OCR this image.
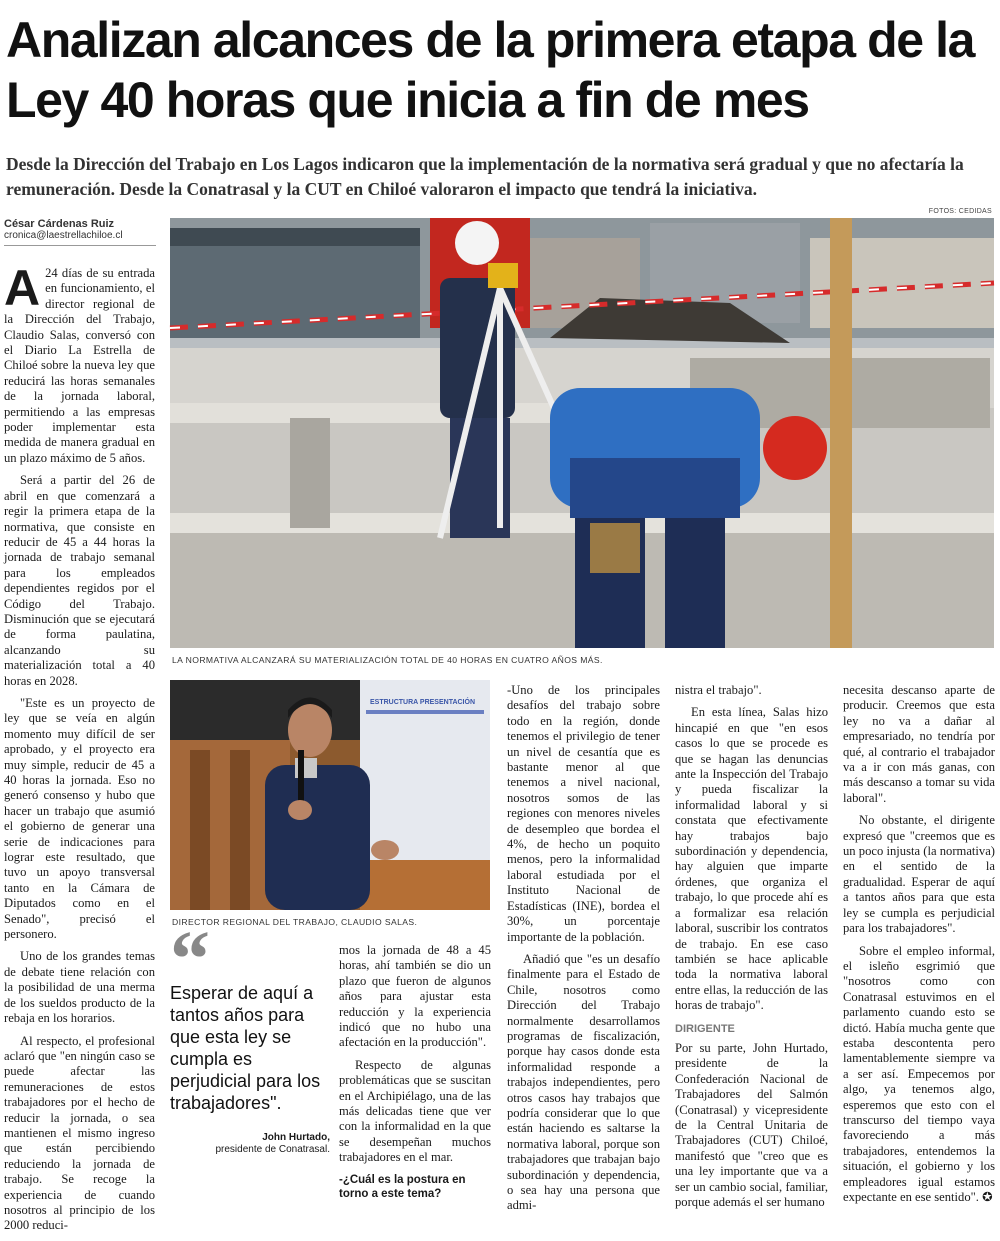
Analizan alcances de la primera etapa de la Ley 40 horas que inicia a fin de mes
Desde la Dirección del Trabajo en Los Lagos indicaron que la implementación de la normativa será gradual y que no afectaría la remuneración. Desde la Conatrasal y la CUT en Chiloé valoraron el impacto que tendrá la iniciativa.
César Cárdenas Ruiz
cronica@laestrellachiloe.cl
FOTOS: CEDIDAS
LA NORMATIVA ALCANZARÁ SU MATERIALIZACIÓN TOTAL DE 40 HORAS EN CUATRO AÑOS MÁS.
ESTRUCTURA PRESENTACIÓN
DIRECTOR REGIONAL DEL TRABAJO, CLAUDIO SALAS.

A 24 días de su entrada en funcionamiento, el director regional de la Dirección del Trabajo, Claudio Salas, conversó con el Diario La Estrella de Chiloé sobre la nueva ley que reducirá las horas semanales de la jornada laboral, permitiendo a las empresas poder implementar esta medida de manera gradual en un plazo máximo de 5 años.

Será a partir del 26 de abril en que comenzará a regir la primera etapa de la normativa, que consiste en reducir de 45 a 44 horas la jornada de trabajo semanal para los empleados dependientes regidos por el Código del Trabajo. Disminución que se ejecutará de forma paulatina, alcanzando su materialización total a 40 horas en 2028.

"Este es un proyecto de ley que se veía en algún momento muy difícil de ser aprobado, y el proyecto era muy simple, reducir de 45 a 40 horas la jornada. Eso no generó consenso y hubo que hacer un trabajo que asumió el gobierno de generar una serie de indicaciones para lograr este resultado, que tuvo un apoyo transversal tanto en la Cámara de Diputados como en el Senado", precisó el personero.

Uno de los grandes temas de debate tiene relación con la posibilidad de una merma de los sueldos producto de la rebaja en los horarios.

Al respecto, el profesional aclaró que "en ningún caso se puede afectar las remuneraciones de estos trabajadores por el hecho de reducir la jornada, o sea mantienen el mismo ingreso que están percibiendo reduciendo la jornada de trabajo. Se recoge la experiencia de cuando nosotros al principio de los 2000 reduci-

“
Esperar de aquí a tantos años para que esta ley se cumpla es perjudicial para los trabajadores".
John Hurtado,
presidente de Conatrasal.

mos la jornada de 48 a 45 horas, ahí también se dio un plazo que fueron de algunos años para ajustar esta reducción y la experiencia indicó que no hubo una afectación en la producción".

Respecto de algunas problemáticas que se suscitan en el Archipiélago, una de las más delicadas tiene que ver con la informalidad en la que se desempeñan muchos trabajadores en el mar.

-¿Cuál es la postura en torno a este tema?

-Uno de los principales desafíos del trabajo sobre todo en la región, donde tenemos el privilegio de tener un nivel de cesantía que es bastante menor al que tenemos a nivel nacional, nosotros somos de las regiones con menores niveles de desempleo que bordea el 4%, de hecho un poquito menos, pero la informalidad laboral estudiada por el Instituto Nacional de Estadísticas (INE), bordea el 30%, un porcentaje importante de la población.

Añadió que "es un desafío finalmente para el Estado de Chile, nosotros como Dirección del Trabajo normalmente desarrollamos programas de fiscalización, porque hay casos donde esta informalidad responde a trabajos independientes, pero otros casos hay trabajos que podría considerar que lo que están haciendo es saltarse la normativa laboral, porque son trabajadores que trabajan bajo subordinación y dependencia, o sea hay una persona que admi-

nistra el trabajo".

En esta línea, Salas hizo hincapié en que "en esos casos lo que se procede es que se hagan las denuncias ante la Inspección del Trabajo y pueda fiscalizar la informalidad laboral y si constata que efectivamente hay trabajos bajo subordinación y dependencia, hay alguien que imparte órdenes, que organiza el trabajo, lo que procede ahí es a formalizar esa relación laboral, suscribir los contratos de trabajo. En ese caso también se hace aplicable toda la normativa laboral entre ellas, la reducción de las horas de trabajo".

DIRIGENTE

Por su parte, John Hurtado, presidente de la Confederación Nacional de Trabajadores del Salmón (Conatrasal) y vicepresidente de la Central Unitaria de Trabajadores (CUT) Chiloé, manifestó que "creo que es una ley importante que va a ser un cambio social, familiar, porque además el ser humano

necesita descanso aparte de producir. Creemos que esta ley no va a dañar al empresariado, no tendría por qué, al contrario el trabajador va a ir con más ganas, con más descanso a tomar su vida laboral".

No obstante, el dirigente expresó que "creemos que es un poco injusta (la normativa) en el sentido de la gradualidad. Esperar de aquí a tantos años para que esta ley se cumpla es perjudicial para los trabajadores".

Sobre el empleo informal, el isleño esgrimió que "nosotros como con Conatrasal estuvimos en el parlamento cuando esto se dictó. Había mucha gente que estaba descontenta pero lamentablemente siempre va a ser así. Empecemos por algo, ya tenemos algo, esperemos que esto con el transcurso del tiempo vaya favoreciendo a más trabajadores, entendemos la situación, el gobierno y los empleadores igual estamos expectante en ese sentido". ✪
